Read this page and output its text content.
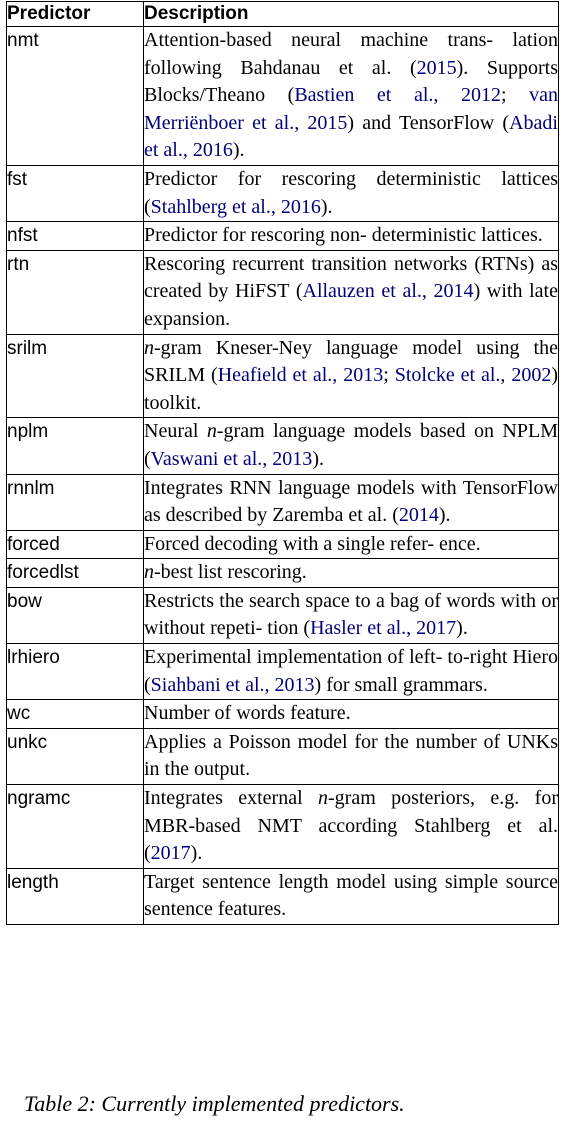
Predictor	Description
nmt	Attention-based neural machine trans- lation following Bahdanau et al. (2015). Supports Blocks/Theano (Bastien et al., 2012; van Merriënboer et al., 2015) and TensorFlow (Abadi et al., 2016).
fst	Predictor for rescoring deterministic lattices (Stahlberg et al., 2016).
nfst	Predictor for rescoring non- deterministic lattices.
rtn	Rescoring recurrent transition networks (RTNs) as created by HiFST (Allauzen et al., 2014) with late expansion.
srilm	n-gram Kneser-Ney language model using the SRILM (Heafield et al., 2013; Stolcke et al., 2002) toolkit.
nplm	Neural n-gram language models based on NPLM (Vaswani et al., 2013).
rnnlm	Integrates RNN language models with TensorFlow as described by Zaremba et al. (2014).
forced	Forced decoding with a single refer- ence.
forcedlst	n-best list rescoring.
bow	Restricts the search space to a bag of words with or without repeti- tion (Hasler et al., 2017).
lrhiero	Experimental implementation of left- to-right Hiero (Siahbani et al., 2013) for small grammars.
wc	Number of words feature.
unkc	Applies a Poisson model for the number of UNKs in the output.
ngramc	Integrates external n-gram posteriors, e.g. for MBR-based NMT according Stahlberg et al. (2017).
length	Target sentence length model using simple source sentence features.
Table 2: Currently implemented predictors.
